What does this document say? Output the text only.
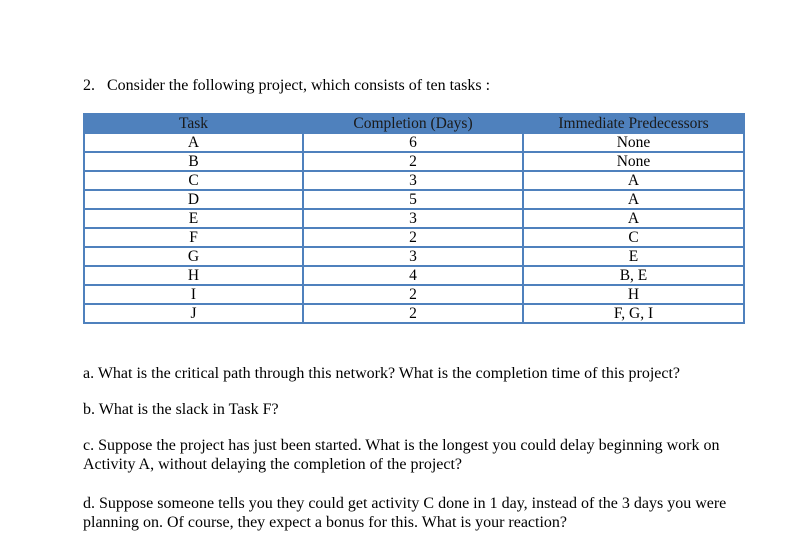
2. Consider the following project, which consists of ten tasks :
Task	Completion (Days)	Immediate Predecessors
A	6	None
B	2	None
C	3	A
D	5	A
E	3	A
F	2	C
G	3	E
H	4	B, E
I	2	H
J	2	F, G, I
a. What is the critical path through this network? What is the completion time of this project?
b. What is the slack in Task F?
c. Suppose the project has just been started. What is the longest you could delay beginning work on Activity A, without delaying the completion of the project?
d. Suppose someone tells you they could get activity C done in 1 day, instead of the 3 days you were planning on. Of course, they expect a bonus for this. What is your reaction?
